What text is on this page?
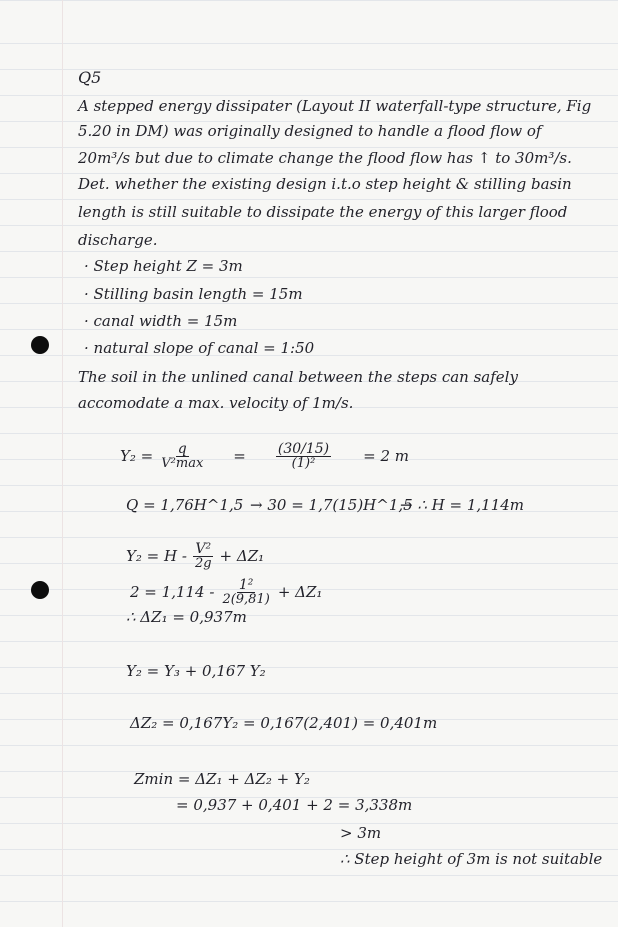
Q5
A stepped energy dissipater (Layout II waterfall-type structure, Fig
5.20 in DM) was originally designed to handle a flood flow of
20m³/s but due to climate change the flood flow has ↑ to 30m³/s.
Det. whether the existing design i.t.o step height & stilling basin
length is still suitable to dissipate the energy of this larger flood
discharge.
· Step height Z = 3m
· Stilling basin length = 15m
· canal width = 15m
· natural slope of canal = 1:50
The soil in the unlined canal between the steps can safely
accomodate a max. velocity of 1m/s.
$Y_2 = \frac{q}{\text{V²max}} = \frac{(30/15)}{\text{(1)²}} = 2$ m
Q = 1,76H^1,5 → 30 = 1,7(15)H^1,5
→ ∴ H = 1,114m
$Y_2 = H - \frac{\text{V²}}{2g} + \Delta Z_1$
$2 = 1,114 - \frac{\text{1²}}{2(9,81)} + \Delta Z_1$
∴ ΔZ₁ = 0,937m
Y₂ = Y₃ + 0,167 Y₂
ΔZ₂ = 0,167Y₂ = 0,167(2,401) = 0,401m
Zmin = ΔZ₁ + ΔZ₂ + Y₂
= 0,937 + 0,401 + 2 = 3,338m
> 3m
∴ Step height of 3m is not suitable
